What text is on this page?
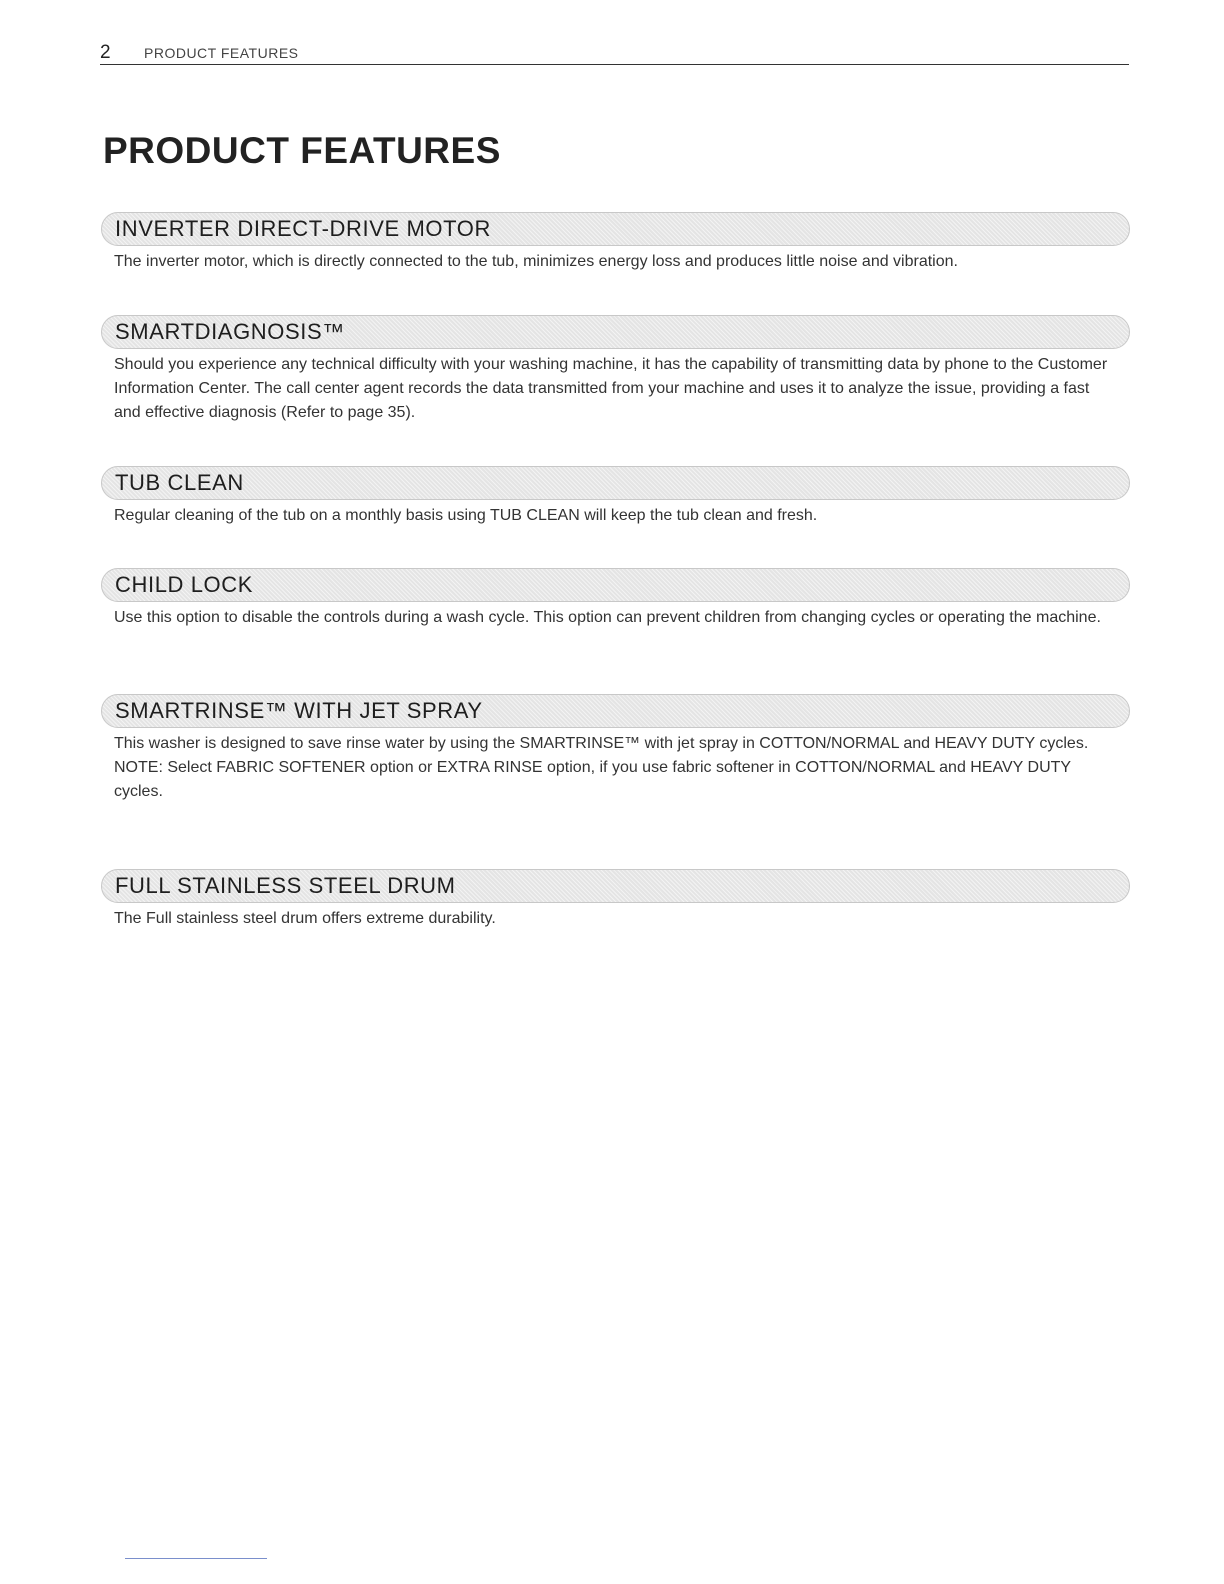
2 PRODUCT FEATURES
PRODUCT FEATURES
INVERTER DIRECT-DRIVE MOTOR

The inverter motor, which is directly connected to the tub, minimizes energy loss and produces little noise and vibration.

SMARTDIAGNOSIS™

Should you experience any technical difficulty with your washing machine, it has the capability of transmitting data by phone to the Customer Information Center. The call center agent records the data transmitted from your machine and uses it to analyze the issue, providing a fast and effective diagnosis (Refer to page 35).

TUB CLEAN

Regular cleaning of the tub on a monthly basis using TUB CLEAN will keep the tub clean and fresh.

CHILD LOCK

Use this option to disable the controls during a wash cycle. This option can prevent children from changing cycles or operating the machine.

SMARTRINSE™ WITH JET SPRAY

This washer is designed to save rinse water by using the SMARTRINSE™ with jet spray in COTTON/NORMAL and HEAVY DUTY cycles.

NOTE: Select FABRIC SOFTENER option or EXTRA RINSE option, if you use fabric softener in COTTON/NORMAL and HEAVY DUTY cycles.

FULL STAINLESS STEEL DRUM

The Full stainless steel drum offers extreme durability.
